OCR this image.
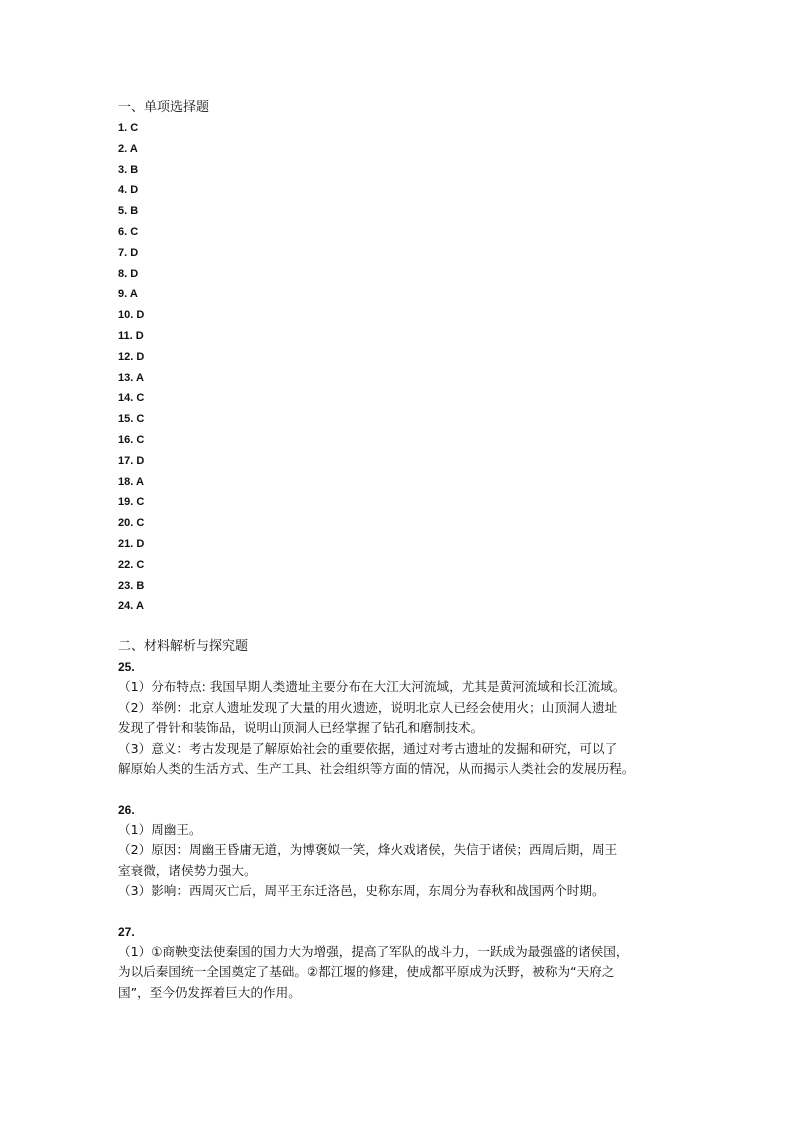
一、单项选择题

1. C
2. A
3. B
4. D
5. B
6. C
7. D
8. D
9. A
10. D
11. D
12. D
13. A
14. C
15. C
16. C
17. D
18. A
19. C
20. C
21. D
22. C
23. B
24. A

二、材料解析与探究题

25.

（1）分布特点: 我国早期人类遗址主要分布在大江大河流域，尤其是黄河流域和长江流域。

（2）举例：北京人遗址发现了大量的用火遗迹，说明北京人已经会使用火；山顶洞人遗址

发现了骨针和装饰品，说明山顶洞人已经掌握了钻孔和磨制技术。

（3）意义：考古发现是了解原始社会的重要依据，通过对考古遗址的发掘和研究，可以了

解原始人类的生活方式、生产工具、社会组织等方面的情况，从而揭示人类社会的发展历程。

26.

（1）周幽王。

（2）原因：周幽王昏庸无道，为博褒姒一笑，烽火戏诸侯，失信于诸侯；西周后期，周王

室衰微，诸侯势力强大。

（3）影响：西周灭亡后，周平王东迁洛邑，史称东周，东周分为春秋和战国两个时期。

27.

（1）①商鞅变法使秦国的国力大为增强，提高了军队的战斗力，一跃成为最强盛的诸侯国，

为以后秦国统一全国奠定了基础。②都江堰的修建，使成都平原成为沃野，被称为“天府之

国”，至今仍发挥着巨大的作用。
